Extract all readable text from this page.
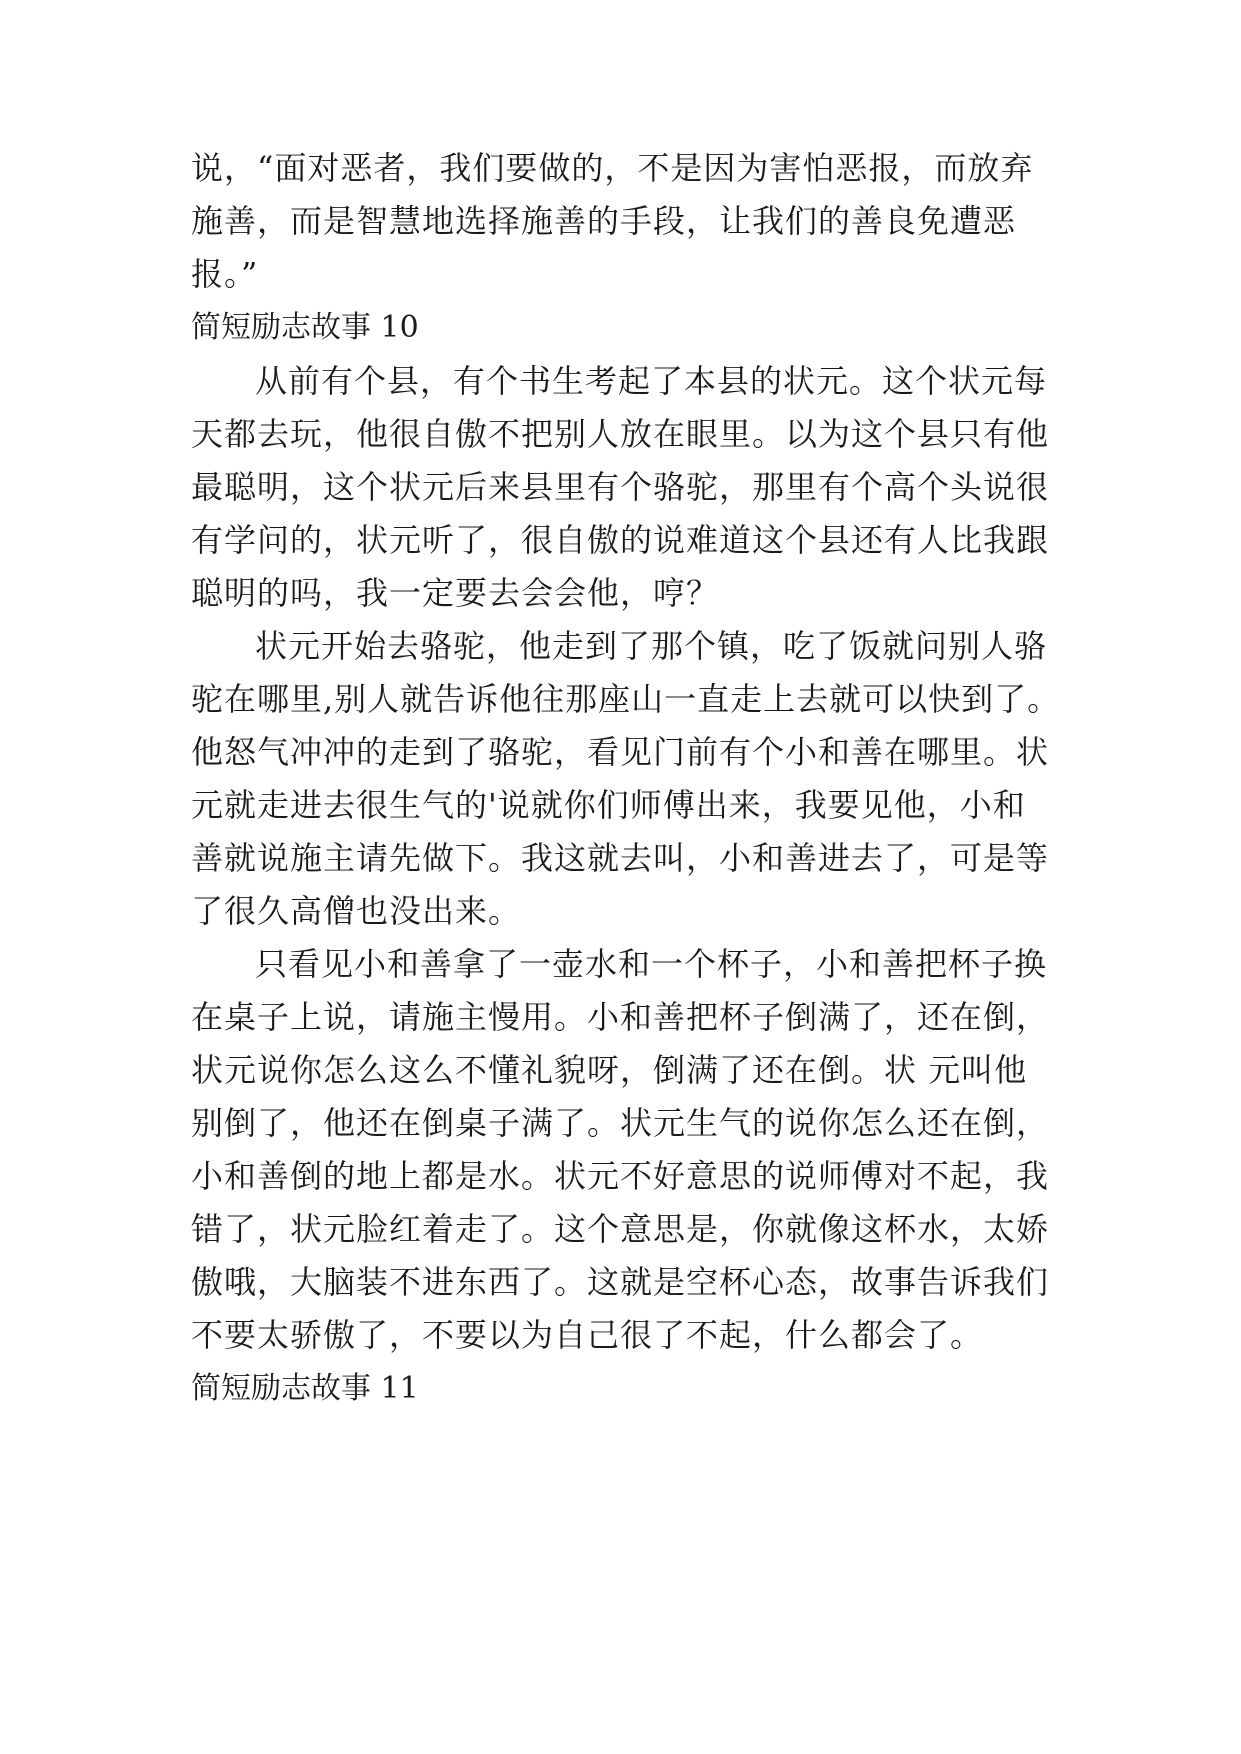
说，“面对恶者，我们要做的，不是因为害怕恶报，而放弃
施善，而是智慧地选择施善的手段，让我们的善良免遭恶
报。”
简短励志故事 10
从前有个县，有个书生考起了本县的状元。这个状元每
天都去玩，他很自傲不把别人放在眼里。以为这个县只有他
最聪明，这个状元后来县里有个骆驼，那里有个高个头说很
有学问的，状元听了，很自傲的说难道这个县还有人比我跟
聪明的吗，我一定要去会会他，哼？
状元开始去骆驼，他走到了那个镇，吃了饭就问别人骆
驼在哪里,别人就告诉他往那座山一直走上去就可以快到了。
他怒气冲冲的走到了骆驼，看见门前有个小和善在哪里。状
元就走进去很生气的'说就你们师傅出来，我要见他，小和
善就说施主请先做下。我这就去叫，小和善进去了，可是等
了很久高僧也没出来。
只看见小和善拿了一壶水和一个杯子，小和善把杯子换
在桌子上说，请施主慢用。小和善把杯子倒满了，还在倒，
状元说你怎么这么不懂礼貌呀，倒满了还在倒。状 元叫他
别倒了，他还在倒桌子满了。状元生气的说你怎么还在倒，
小和善倒的地上都是水。状元不好意思的说师傅对不起，我
错了，状元脸红着走了。这个意思是，你就像这杯水，太娇
傲哦，大脑装不进东西了。这就是空杯心态，故事告诉我们
不要太骄傲了，不要以为自己很了不起，什么都会了。
简短励志故事 11
